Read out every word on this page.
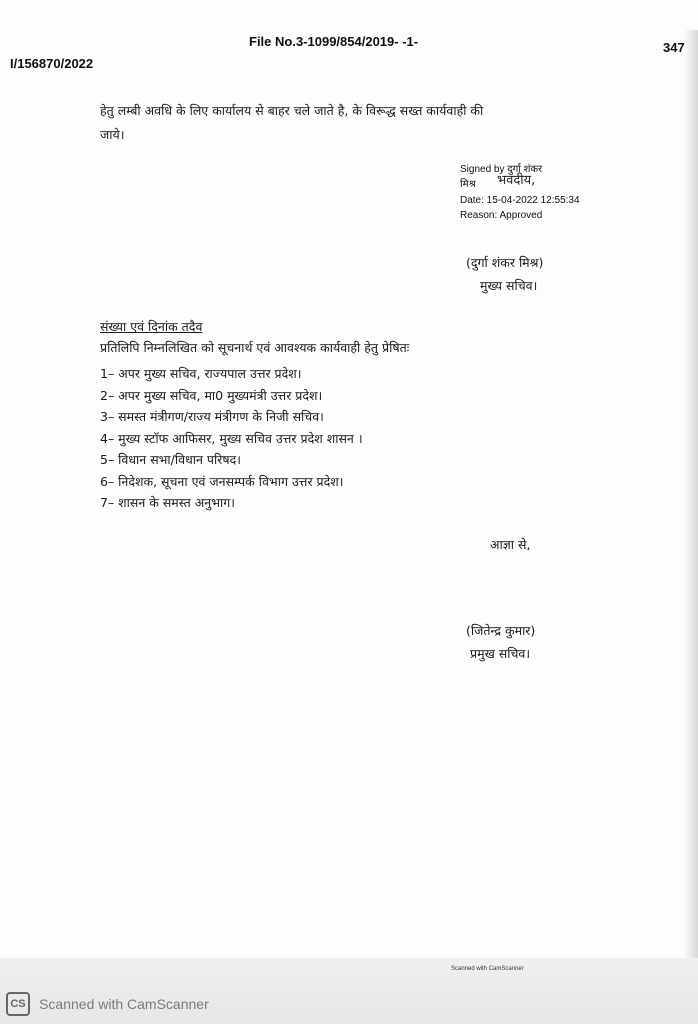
File No.3-1099/854/2019- -1-	347
I/156870/2022
हेतु लम्बी अवधि के लिए कार्यालय से बाहर चले जाते है, के विरूद्ध सख्त कार्यवाही की
जाये।
Signed by दुर्गा शंकर
भवदीय,
मिश्र
Date: 15-04-2022 12:55:34
Reason: Approved
(दुर्गा शंकर मिश्र)
मुख्य सचिव।
संख्या एवं दिनांक तदैव
प्रतिलिपि निम्नलिखित को सूचनार्थ एवं आवश्यक कार्यवाही हेतु प्रेषितः
1– अपर मुख्य सचिव, राज्यपाल उत्तर प्रदेश।
2– अपर मुख्य सचिव, मा0 मुख्यमंत्री उत्तर प्रदेश।
3– समस्त मंत्रीगण/राज्य मंत्रीगण के निजी सचिव।
4– मुख्य स्टॉफ आफिसर, मुख्य सचिव उत्तर प्रदेश शासन ।
5– विधान सभा/विधान परिषद।
6– निदेशक, सूचना एवं जनसम्पर्क विभाग उत्तर प्रदेश।
7– शासन के समस्त अनुभाग।
आज्ञा से,
(जितेन्द्र कुमार)
प्रमुख सचिव।
Scanned with CamScanner
CS Scanned with CamScanner
